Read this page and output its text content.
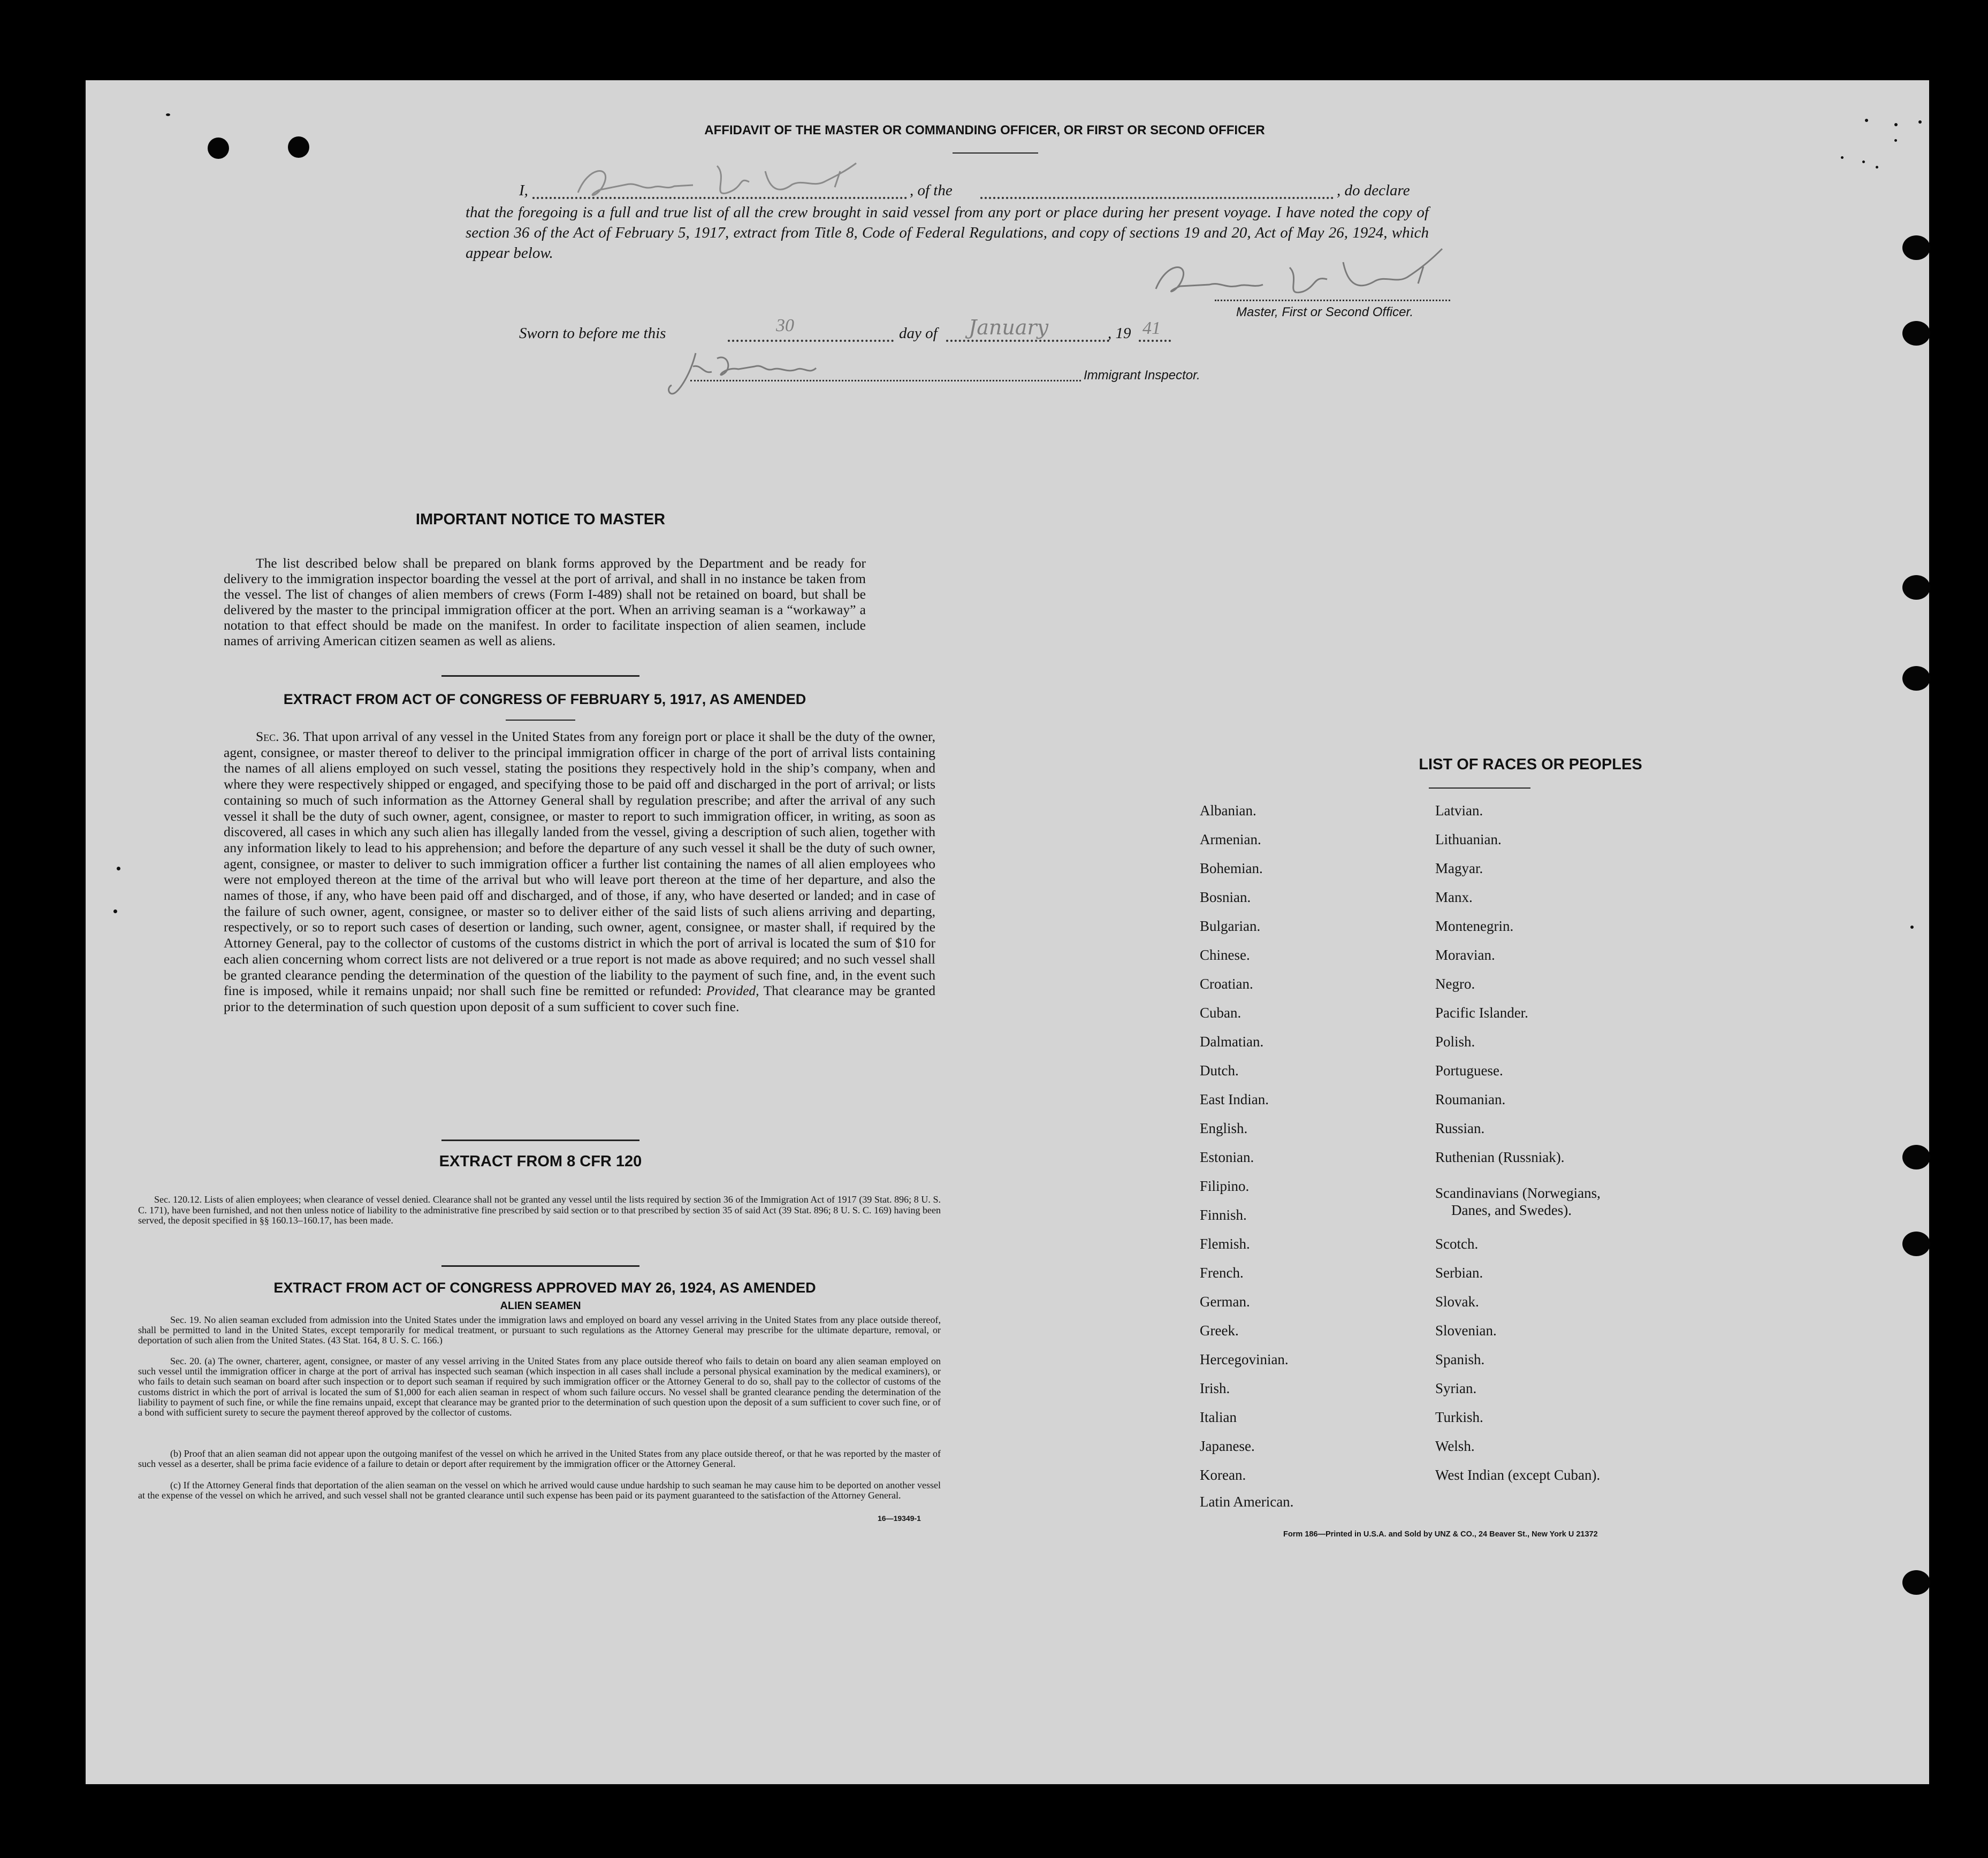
AFFIDAVIT OF THE MASTER OR COMMANDING OFFICER, OR FIRST OR SECOND OFFICER
I,	, of the	, do declare

that the foregoing is a full and true list of all the crew brought in said vessel from any port or place during her present voyage. I have noted the copy of section 36 of the Act of February 5, 1917, extract from Title 8, Code of Federal Regulations, and copy of sections 19 and 20, Act of May 26, 1924, which appear below.

Master, First or Second Officer.
Sworn to before me this	30	day of January	, 19 41
Immigrant Inspector.
IMPORTANT NOTICE TO MASTER

The list described below shall be prepared on blank forms approved by the Department and be ready for delivery to the immigration inspector boarding the vessel at the port of arrival, and shall in no instance be taken from the vessel. The list of changes of alien members of crews (Form I-489) shall not be retained on board, but shall be delivered by the master to the principal immigration officer at the port. When an arriving seaman is a “workaway” a notation to that effect should be made on the manifest. In order to facilitate inspection of alien seamen, include names of arriving American citizen seamen as well as aliens.

EXTRACT FROM ACT OF CONGRESS OF FEBRUARY 5, 1917, AS AMENDED

Sec. 36. That upon arrival of any vessel in the United States from any foreign port or place it shall be the duty of the owner, agent, consignee, or master thereof to deliver to the principal immigration officer in charge of the port of arrival lists containing the names of all aliens employed on such vessel, stating the positions they respectively hold in the ship’s company, when and where they were respectively shipped or engaged, and specifying those to be paid off and discharged in the port of arrival; or lists containing so much of such information as the Attorney General shall by regulation prescribe; and after the arrival of any such vessel it shall be the duty of such owner, agent, consignee, or master to report to such immigration officer, in writing, as soon as discovered, all cases in which any such alien has illegally landed from the vessel, giving a description of such alien, together with any information likely to lead to his apprehension; and before the departure of any such vessel it shall be the duty of such owner, agent, consignee, or master to deliver to such immigration officer a further list containing the names of all alien employees who were not employed thereon at the time of the arrival but who will leave port thereon at the time of her departure, and also the names of those, if any, who have been paid off and discharged, and of those, if any, who have deserted or landed; and in case of the failure of such owner, agent, consignee, or master so to deliver either of the said lists of such aliens arriving and departing, respectively, or so to report such cases of desertion or landing, such owner, agent, consignee, or master shall, if required by the Attorney General, pay to the collector of customs of the customs district in which the port of arrival is located the sum of $10 for each alien concerning whom correct lists are not delivered or a true report is not made as above required; and no such vessel shall be granted clearance pending the determination of the question of the liability to the payment of such fine, and, in the event such fine is imposed, while it remains unpaid; nor shall such fine be remitted or refunded: Provided, That clearance may be granted prior to the determination of such question upon deposit of a sum sufficient to cover such fine.

EXTRACT FROM 8 CFR 120

Sec. 120.12. Lists of alien employees; when clearance of vessel denied. Clearance shall not be granted any vessel until the lists required by section 36 of the Immigration Act of 1917 (39 Stat. 896; 8 U. S. C. 171), have been furnished, and not then unless notice of liability to the administrative fine prescribed by said section or to that prescribed by section 35 of said Act (39 Stat. 896; 8 U. S. C. 169) having been served, the deposit specified in §§ 160.13–160.17, has been made.

EXTRACT FROM ACT OF CONGRESS APPROVED MAY 26, 1924, AS AMENDED
ALIEN SEAMEN

Sec. 19. No alien seaman excluded from admission into the United States under the immigration laws and employed on board any vessel arriving in the United States from any place outside thereof, shall be permitted to land in the United States, except temporarily for medical treatment, or pursuant to such regulations as the Attorney General may prescribe for the ultimate departure, removal, or deportation of such alien from the United States. (43 Stat. 164, 8 U. S. C. 166.)

Sec. 20. (a) The owner, charterer, agent, consignee, or master of any vessel arriving in the United States from any place outside thereof who fails to detain on board any alien seaman employed on such vessel until the immigration officer in charge at the port of arrival has inspected such seaman (which inspection in all cases shall include a personal physical examination by the medical examiners), or who fails to detain such seaman on board after such inspection or to deport such seaman if required by such immigration officer or the Attorney General to do so, shall pay to the collector of customs of the customs district in which the port of arrival is located the sum of $1,000 for each alien seaman in respect of whom such failure occurs. No vessel shall be granted clearance pending the determination of the liability to payment of such fine, or while the fine remains unpaid, except that clearance may be granted prior to the determination of such question upon the deposit of a sum sufficient to cover such fine, or of a bond with sufficient surety to secure the payment thereof approved by the collector of customs.

(b) Proof that an alien seaman did not appear upon the outgoing manifest of the vessel on which he arrived in the United States from any place outside thereof, or that he was reported by the master of such vessel as a deserter, shall be prima facie evidence of a failure to detain or deport after requirement by the immigration officer or the Attorney General.

(c) If the Attorney General finds that deportation of the alien seaman on the vessel on which he arrived would cause undue hardship to such seaman he may cause him to be deported on another vessel at the expense of the vessel on which he arrived, and such vessel shall not be granted clearance until such expense has been paid or its payment guaranteed to the satisfaction of the Attorney General.

16—19349-1
LIST OF RACES OR PEOPLES
Albanian.
Armenian.
Bohemian.
Bosnian.
Bulgarian.
Chinese.
Croatian.
Cuban.
Dalmatian.
Dutch.
East Indian.
English.
Estonian.
Filipino.
Finnish.
Flemish.
French.
German.
Greek.
Hercegovinian.
Irish.
Italian
Japanese.
Korean.
Latin American.
Latvian.
Lithuanian.
Magyar.
Manx.
Montenegrin.
Moravian.
Negro.
Pacific Islander.
Polish.
Portuguese.
Roumanian.
Russian.
Ruthenian (Russniak).
Scandinavians (Norwegians,
Danes, and Swedes).
Scotch.
Serbian.
Slovak.
Slovenian.
Spanish.
Syrian.
Turkish.
Welsh.
West Indian (except Cuban).
Form 186—Printed in U.S.A. and Sold by UNZ & CO., 24 Beaver St., New York U 21372
